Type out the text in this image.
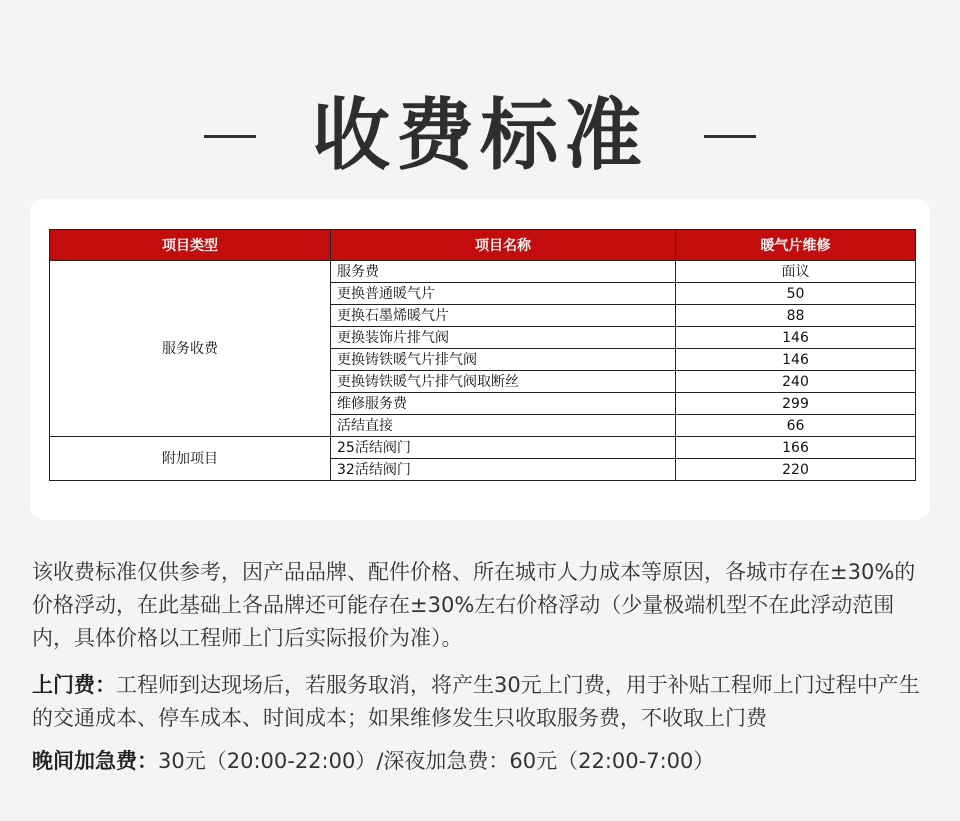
收费标准
项目类型	项目名称	暖气片维修
服务收费	服务费	面议
	更换普通暖气片	50
	更换石墨烯暖气片	88
	更换装饰片排气阀	146
	更换铸铁暖气片排气阀	146
	更换铸铁暖气片排气阀取断丝	240
	维修服务费	299
	活结直接	66
附加项目	25活结阀门	166
	32活结阀门	220

该收费标准仅供参考，因产品品牌、配件价格、所在城市人力成本等原因，各城市存在±30%的价格浮动，在此基础上各品牌还可能存在±30%左右价格浮动（少量极端机型不在此浮动范围内，具体价格以工程师上门后实际报价为准）。

上门费：工程师到达现场后，若服务取消，将产生30元上门费，用于补贴工程师上门过程中产生的交通成本、停车成本、时间成本；如果维修发生只收取服务费，不收取上门费

晚间加急费：30元（20:00-22:00）/深夜加急费：60元（22:00-7:00）
